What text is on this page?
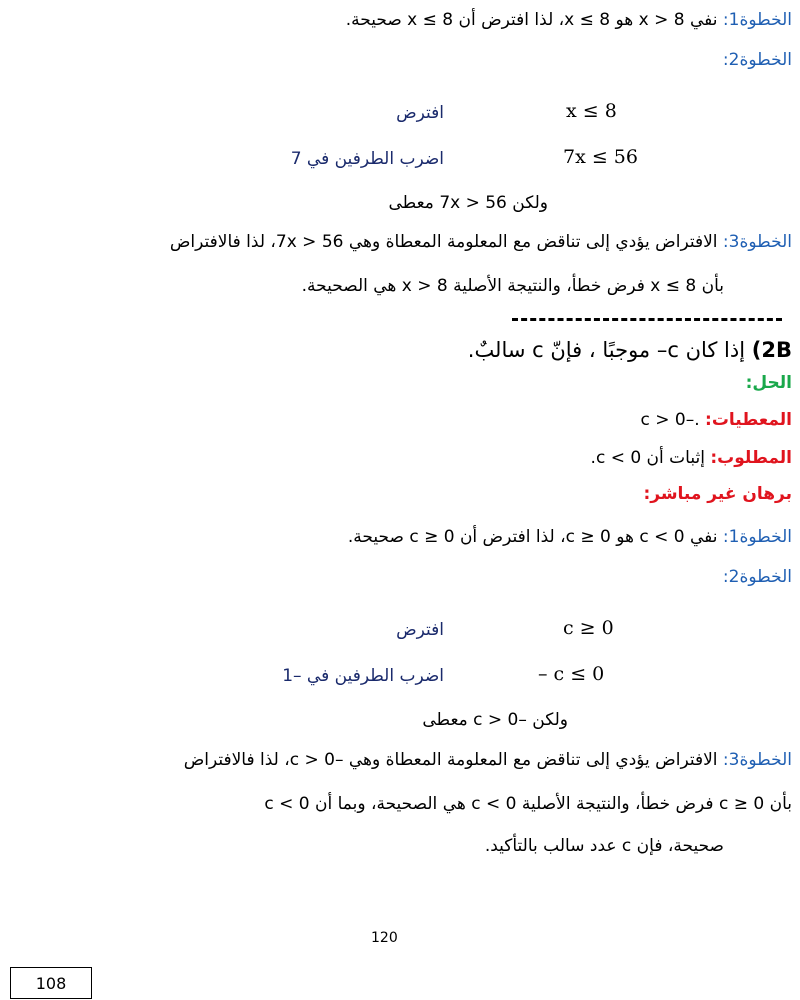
الخطوة1: نفي 8 < x هو x ≤ 8، لذا افترض أن x ≤ 8 صحيحة.
الخطوة2:
x ≤ 8
افترض
7x ≤ 56
اضرب الطرفين في 7
ولكن 7x > 56 معطى
الخطوة3: الافتراض يؤدي إلى تناقض مع المعلومة المعطاة وهي 7x > 56، لذا فالافتراض
بأن x ≤ 8 فرض خطأ، والنتيجة الأصلية x > 8 هي الصحيحة.
2B) إذا كان c– موجبًا ، فإنّ c سالبٌ.
الحل:
المعطيات: .–c > 0
المطلوب: إثبات أن c < 0.
برهان غير مباشر:
الخطوة1: نفي c < 0 هو c ≥ 0، لذا افترض أن c ≥ 0 صحيحة.
الخطوة2:
c ≥ 0
افترض
– c ≤ 0
اضرب الطرفين في –1
ولكن –c > 0 معطى
الخطوة3: الافتراض يؤدي إلى تناقض مع المعلومة المعطاة وهي –c > 0، لذا فالافتراض
بأن c ≥ 0 فرض خطأ، والنتيجة الأصلية c < 0 هي الصحيحة، وبما أن c < 0
صحيحة، فإن c عدد سالب بالتأكيد.
120
108
